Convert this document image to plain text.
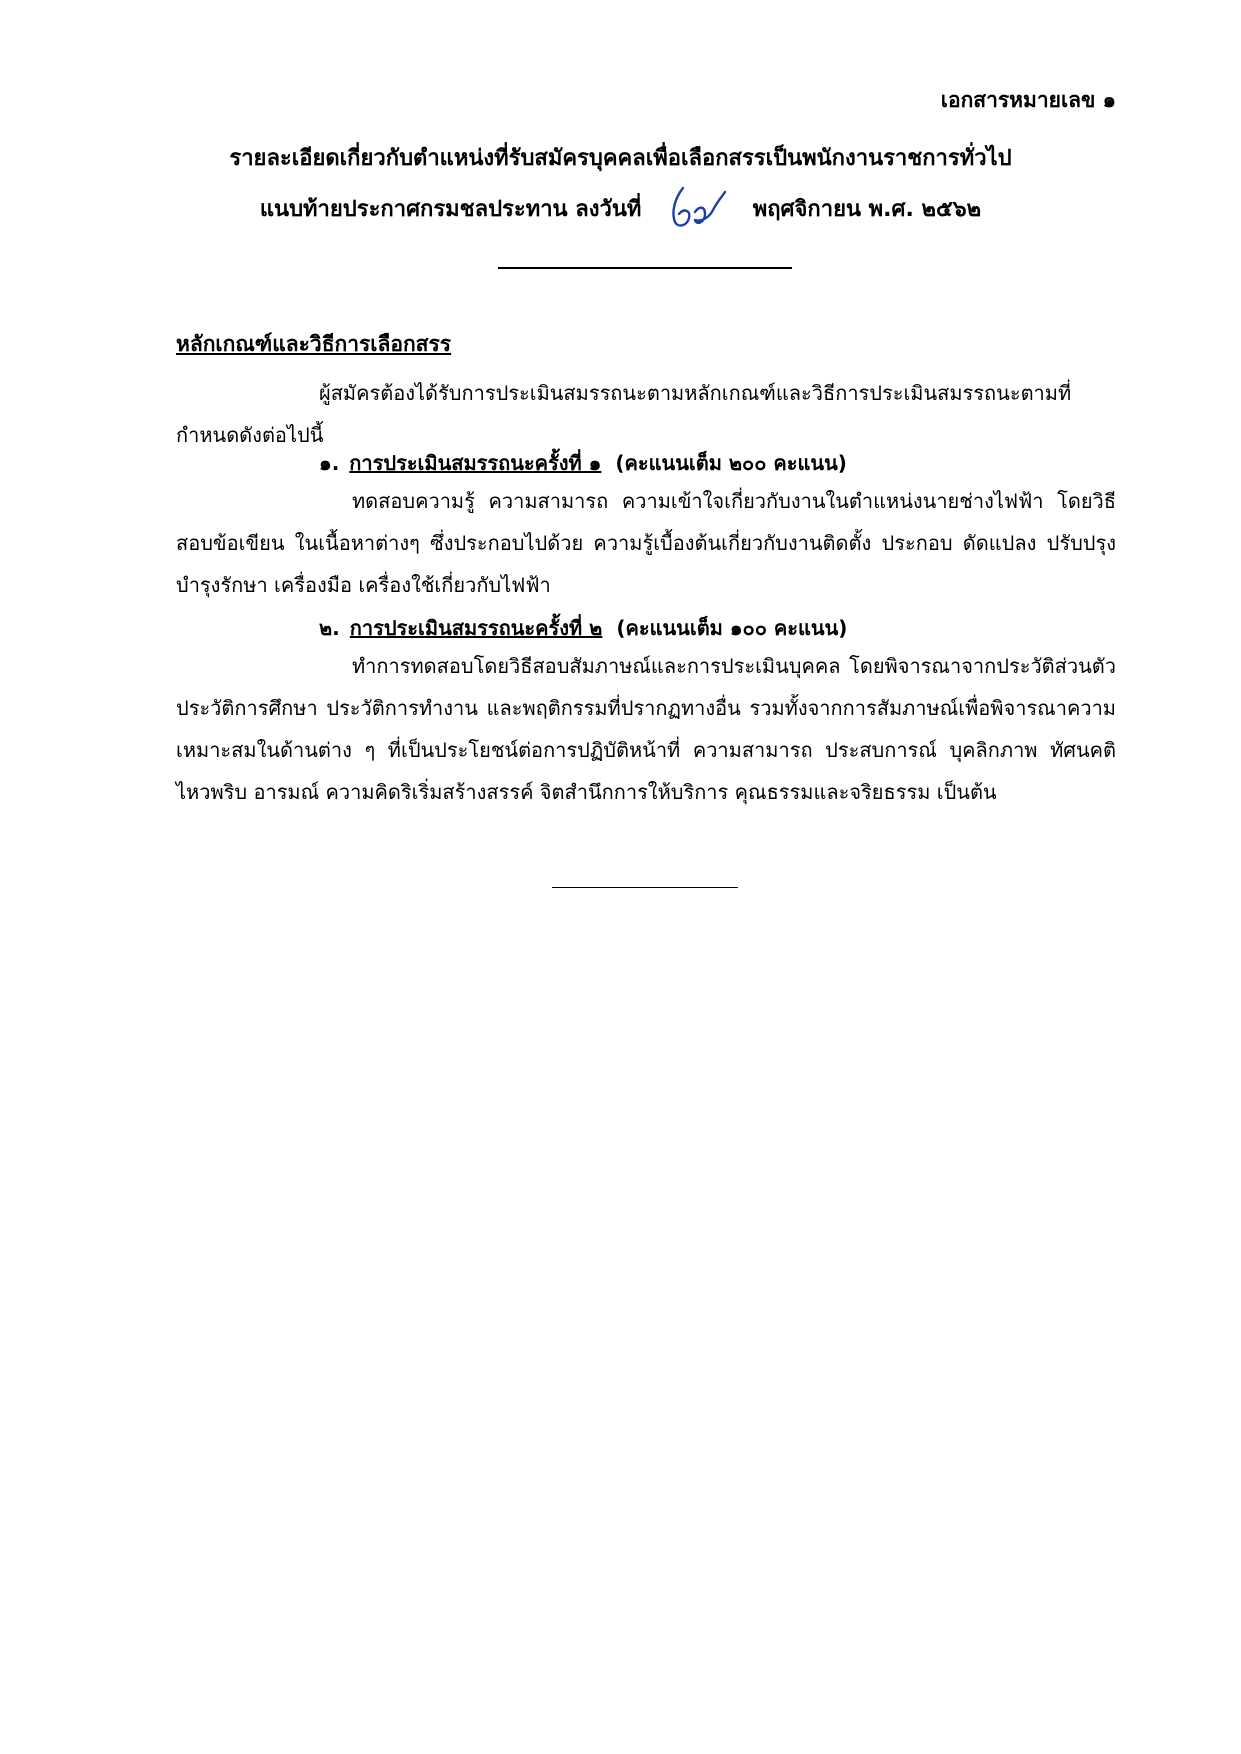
เอกสารหมายเลข ๑
รายละเอียดเกี่ยวกับตำแหน่งที่รับสมัครบุคคลเพื่อเลือกสรรเป็นพนักงานราชการทั่วไป
แนบท้ายประกาศกรมชลประทาน ลงวันที่	พฤศจิกายน พ.ศ. ๒๕๖๒
หลักเกณฑ์และวิธีการเลือกสรร
ผู้สมัครต้องได้รับการประเมินสมรรถนะตามหลักเกณฑ์และวิธีการประเมินสมรรถนะตามที่กำหนดดังต่อไปนี้
๑. การประเมินสมรรถนะครั้งที่ ๑ (คะแนนเต็ม ๒๐๐ คะแนน)
ทดสอบความรู้ ความสามารถ ความเข้าใจเกี่ยวกับงานในตำแหน่งนายช่างไฟฟ้า โดยวิธีสอบข้อเขียน ในเนื้อหาต่างๆ ซึ่งประกอบไปด้วย ความรู้เบื้องต้นเกี่ยวกับงานติดตั้ง ประกอบ ดัดแปลง ปรับปรุงบำรุงรักษา เครื่องมือ เครื่องใช้เกี่ยวกับไฟฟ้า
๒. การประเมินสมรรถนะครั้งที่ ๒ (คะแนนเต็ม ๑๐๐ คะแนน)
ทำการทดสอบโดยวิธีสอบสัมภาษณ์และการประเมินบุคคล โดยพิจารณาจากประวัติส่วนตัว ประวัติการศึกษา ประวัติการทำงาน และพฤติกรรมที่ปรากฏทางอื่น รวมทั้งจากการสัมภาษณ์เพื่อพิจารณาความเหมาะสมในด้านต่าง ๆ ที่เป็นประโยชน์ต่อการปฏิบัติหน้าที่ ความสามารถ ประสบการณ์ บุคลิกภาพ ทัศนคติ ไหวพริบ อารมณ์ ความคิดริเริ่มสร้างสรรค์ จิตสำนึกการให้บริการ คุณธรรมและจริยธรรม เป็นต้น
